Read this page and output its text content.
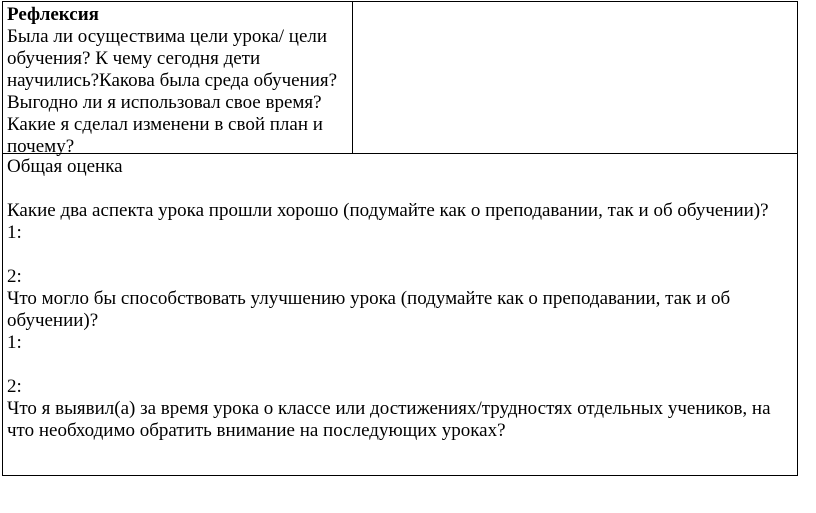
Рефлексия
Была ли осуществима цели урока/ цели
обучения? К чему сегодня дети
научились?Какова была среда обучения?
Выгодно ли я использовал свое время?
Какие я сделал изменени в свой план и
почему?
Общая оценка
Какие два аспекта урока прошли хорошо (подумайте как о преподавании, так и об обучении)?
1:
2:
Что могло бы способствовать улучшению урока (подумайте как о преподавании, так и об
обучении)?
1:
2:
Что я выявил(а) за время урока о классе или достижениях/трудностях отдельных учеников, на
что необходимо обратить внимание на последующих уроках?
